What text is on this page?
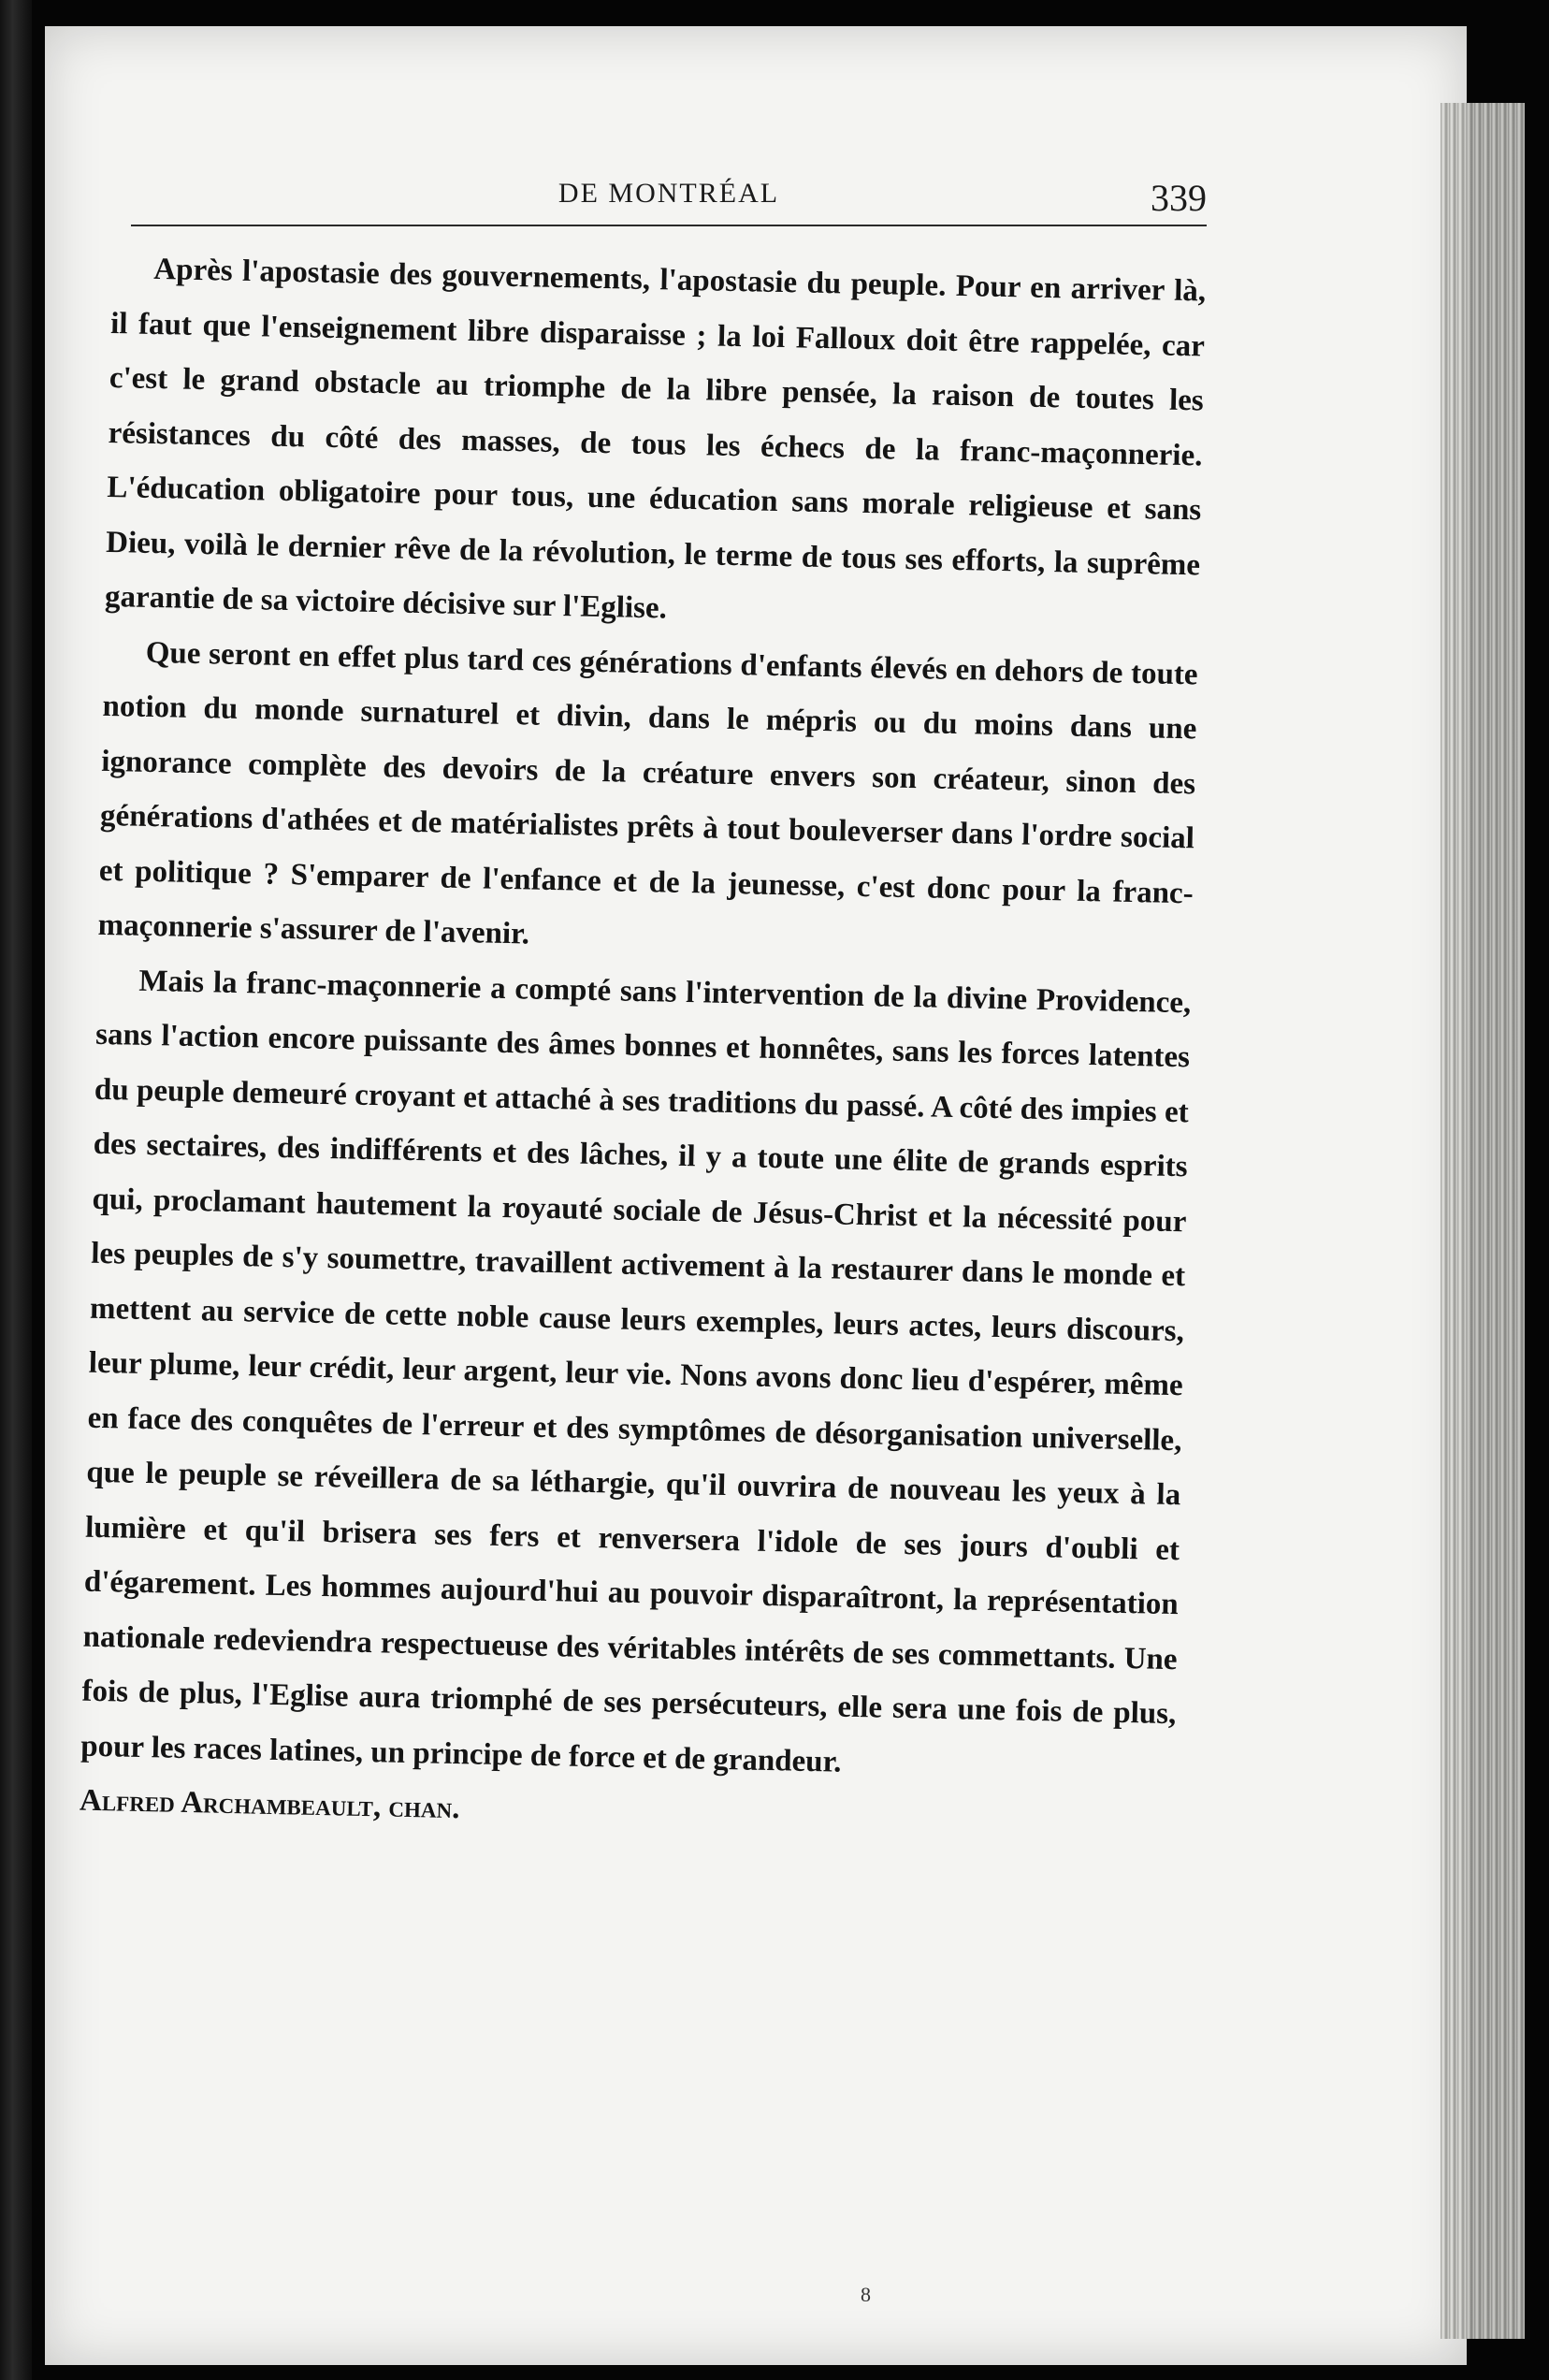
DE MONTRÉAL	339

Après l'apostasie des gouvernements, l'apostasie du peuple. Pour en arriver là, il faut que l'enseignement libre disparaisse ; la loi Falloux doit être rappelée, car c'est le grand obstacle au triomphe de la libre pensée, la raison de toutes les résistances du côté des masses, de tous les échecs de la franc-maçonnerie. L'éducation obligatoire pour tous, une éducation sans morale religieuse et sans Dieu, voilà le dernier rêve de la révolution, le terme de tous ses efforts, la suprême garantie de sa victoire décisive sur l'Eglise.

Que seront en effet plus tard ces générations d'enfants élevés en dehors de toute notion du monde surnaturel et divin, dans le mépris ou du moins dans une ignorance complète des devoirs de la créature envers son créateur, sinon des générations d'athées et de matérialistes prêts à tout bouleverser dans l'ordre social et politique ? S'emparer de l'enfance et de la jeunesse, c'est donc pour la franc-maçonnerie s'assurer de l'avenir.

Mais la franc-maçonnerie a compté sans l'intervention de la divine Providence, sans l'action encore puissante des âmes bonnes et honnêtes, sans les forces latentes du peuple demeuré croyant et attaché à ses traditions du passé. A côté des impies et des sectaires, des indifférents et des lâches, il y a toute une élite de grands esprits qui, proclamant hautement la royauté sociale de Jésus-Christ et la nécessité pour les peuples de s'y soumettre, travaillent activement à la restaurer dans le monde et mettent au service de cette noble cause leurs exemples, leurs actes, leurs discours, leur plume, leur crédit, leur argent, leur vie. Nons avons donc lieu d'espérer, même en face des conquêtes de l'erreur et des symptômes de désorganisation universelle, que le peuple se réveillera de sa léthargie, qu'il ouvrira de nouveau les yeux à la lumière et qu'il brisera ses fers et renversera l'idole de ses jours d'oubli et d'égarement. Les hommes aujourd'hui au pouvoir disparaîtront, la représentation nationale redeviendra respectueuse des véritables intérêts de ses commettants. Une fois de plus, l'Eglise aura triomphé de ses persécuteurs, elle sera une fois de plus, pour les races latines, un principe de force et de grandeur.

Alfred Archambeault, chan.

8
